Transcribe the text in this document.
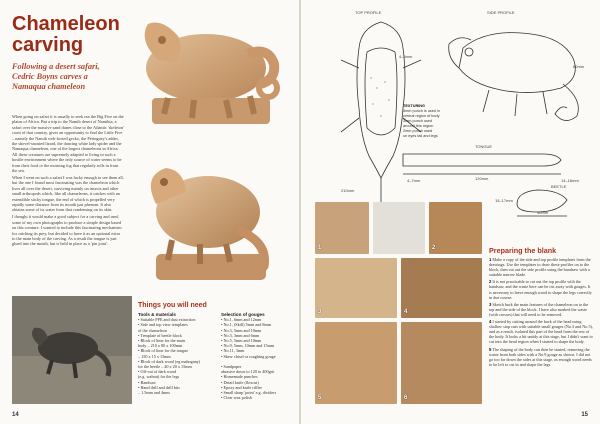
Chameleon
carving
Following a desert safari, Cedric Boyns carves a Namaqua chameleon

When going on safari it is usually to seek out the Big Five on the plains of Africa. But a trip to the Namib desert of Namibia, a safari over the massive sand dunes close to the Atlantic 'skeleton' coast of that country, gives an opportunity to find the Little Five – namely the Namib web-footed gecko, the Péringuey's adder, the shovel-snouted lizard, the dancing white lady spider and the Namaqua chameleon, one of the largest chameleons in Africa. All these creatures are supremely adapted to living in such a hostile environment where the only source of water seems to be from their food or the morning fog that regularly rolls in from the sea.

When I went on such a safari I was lucky enough to see them all, but the one I found most fascinating was the chameleon which lives all over the desert, surviving mainly on insects and other small arthropods which, like all chameleons, it catches with an extendible sticky tongue, the end of which is propelled very rapidly some distance from its mouth just phenom. It also obtains some of its water from that condensing on its skin.

I thought it would make a good subject for a carving and used some of my own photographs to produce a simple design based on this creature. I wanted to include this fascinating mechanism for catching its prey, but decided to have it as an optional extra to the main body of the carving. As a result the tongue is just glued into the mouth, but is held in place as a 'pin joint'.

Things you will need
Tools & materials
• Suitable PPE and dust extraction
• Side and top view templates
of the chameleon
• Template of beetle block
• Block of lime for the main
body – 210 x 80 x 100mm
• Block of lime for the tongue
– 150 x 15 x 15mm
• Block of dark wood (eg mahogany)
for the beetle – 40 x 20 x 15mm
• Off-cut of dark wood
(e.g. walnut) for the legs
• Bandsaw
• Hand drill and drill bits
– 1.5mm and 4mm
Selection of gouges
• No.1, 6mm and 12mm
• No.1, (Skill) 5mm and 8mm
• No.3, 5mm and 10mm
• No.3, 3mm and 6mm
• No.5, 5mm and 10mm
• No.9, 5mm, 10mm and 15mm
• No.11, 3mm
• Skew chisel or roughing gouge

• Sandpaper
abrasive down to 120 to 400grit
• Homemade punches
• Detail knife (flexcut)
• Epoxy and knife riffler
• Small sharp 'point' e.g. dividers
• Clear wax polish
14
TOP PROFILE	SIDE PROFILE
4–6mm
TEXTURING
4mm punch is used in
central region of body
3mm punch used
around this region
2mm punch used
on eyes tail and legs
TONGUE
120mm
4–7mm	14–16mm
BEETLE
15–17mm
40mm
210mm
80mm
1	2
3	4
5	6
Preparing the blank

1 Make a copy of the side and top profile templates from the drawings. Use the templates to draw these profiles on to the block, then cut out the side profile using the bandsaw with a suitable narrow blade.

2 It is not practicable to cut out the top profile with the bandsaw, and the waste here can be cut away with gouges. It is necessary to leave enough wood to shape the legs correctly in due course.

3 Sketch back the main features of the chameleon on to the top and the side of the block. I have also marked the waste (with crosses) that will need to be removed.

4 I started by cutting around the back of the head using shallow stop cuts with suitable small gouges (No.3 and No.5), and as a result, isolated this part of the head from the rest of the body. It looks a bit untidy at this stage, but I didn't want to cut into the head region when I started to shape the body.

5 The shaping of the body can then be started, removing the waste from both sides with a No.9 gouge as shown. I did not go too far down the sides at this stage, as enough wood needs to be left to cut in and shape the legs.

15
